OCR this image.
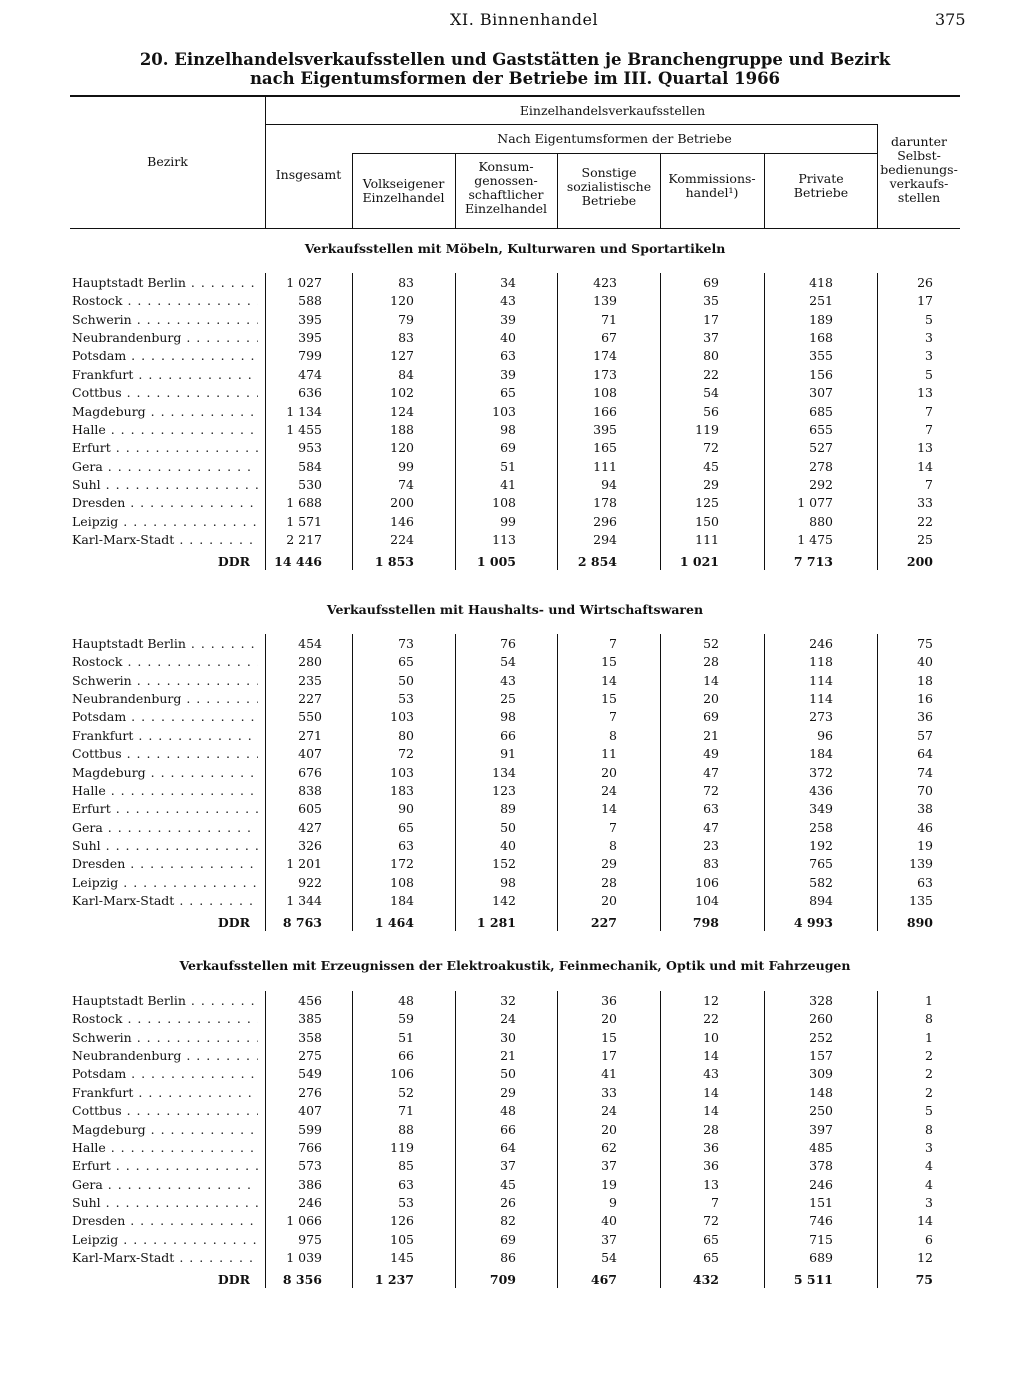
XI. Binnenhandel	375
20. Einzelhandelsverkaufsstellen und Gaststätten je Branchengruppe und Bezirk
nach Eigentumsformen der Betriebe im III. Quartal 1966
Bezirk
Einzelhandelsverkaufsstellen
Insgesamt
Nach Eigentumsformen der Betriebe
Volkseigener Einzelhandel
Konsum- genossen- schaftlicher Einzelhandel
Sonstige sozialistische Betriebe
Kommissions- handel¹)
Private Betriebe
darunter Selbst- bedienungs- verkaufs- stellen
Verkaufsstellen mit Möbeln, Kulturwaren und Sportartikeln
Hauptstadt Berlin . . .	1 027	83	34	423	69	418	26
Rostock . . .	588	120	43	139	35	251	17
Schwerin . . .	395	79	39	71	17	189	5
Neubrandenburg . . .	395	83	40	67	37	168	3
Potsdam . . .	799	127	63	174	80	355	3
Frankfurt . . .	474	84	39	173	22	156	5
Cottbus . . .	636	102	65	108	54	307	13
Magdeburg . . .	1 134	124	103	166	56	685	7
Halle . . .	1 455	188	98	395	119	655	7
Erfurt . . .	953	120	69	165	72	527	13
Gera . . .	584	99	51	111	45	278	14
Suhl . . .	530	74	41	94	29	292	7
Dresden . . .	1 688	200	108	178	125	1 077	33
Leipzig . . .	1 571	146	99	296	150	880	22
Karl-Marx-Stadt . . .	2 217	224	113	294	111	1 475	25
DDR	14 446	1 853	1 005	2 854	1 021	7 713	200
Verkaufsstellen mit Haushalts- und Wirtschaftswaren
Hauptstadt Berlin . . .	454	73	76	7	52	246	75
Rostock . . .	280	65	54	15	28	118	40
Schwerin . . .	235	50	43	14	14	114	18
Neubrandenburg . . .	227	53	25	15	20	114	16
Potsdam . . .	550	103	98	7	69	273	36
Frankfurt . . .	271	80	66	8	21	96	57
Cottbus . . .	407	72	91	11	49	184	64
Magdeburg . . .	676	103	134	20	47	372	74
Halle . . .	838	183	123	24	72	436	70
Erfurt . . .	605	90	89	14	63	349	38
Gera . . .	427	65	50	7	47	258	46
Suhl . . .	326	63	40	8	23	192	19
Dresden . . .	1 201	172	152	29	83	765	139
Leipzig . . .	922	108	98	28	106	582	63
Karl-Marx-Stadt . . .	1 344	184	142	20	104	894	135
DDR	8 763	1 464	1 281	227	798	4 993	890
Verkaufsstellen mit Erzeugnissen der Elektroakustik, Feinmechanik, Optik und mit Fahrzeugen
Hauptstadt Berlin . . .	456	48	32	36	12	328	1
Rostock . . .	385	59	24	20	22	260	8
Schwerin . . .	358	51	30	15	10	252	1
Neubrandenburg . . .	275	66	21	17	14	157	2
Potsdam . . .	549	106	50	41	43	309	2
Frankfurt . . .	276	52	29	33	14	148	2
Cottbus . . .	407	71	48	24	14	250	5
Magdeburg . . .	599	88	66	20	28	397	8
Halle . . .	766	119	64	62	36	485	3
Erfurt . . .	573	85	37	37	36	378	4
Gera . . .	386	63	45	19	13	246	4
Suhl . . .	246	53	26	9	7	151	3
Dresden . . .	1 066	126	82	40	72	746	14
Leipzig . . .	975	105	69	37	65	715	6
Karl-Marx-Stadt . . .	1 039	145	86	54	65	689	12
DDR	8 356	1 237	709	467	432	5 511	75
